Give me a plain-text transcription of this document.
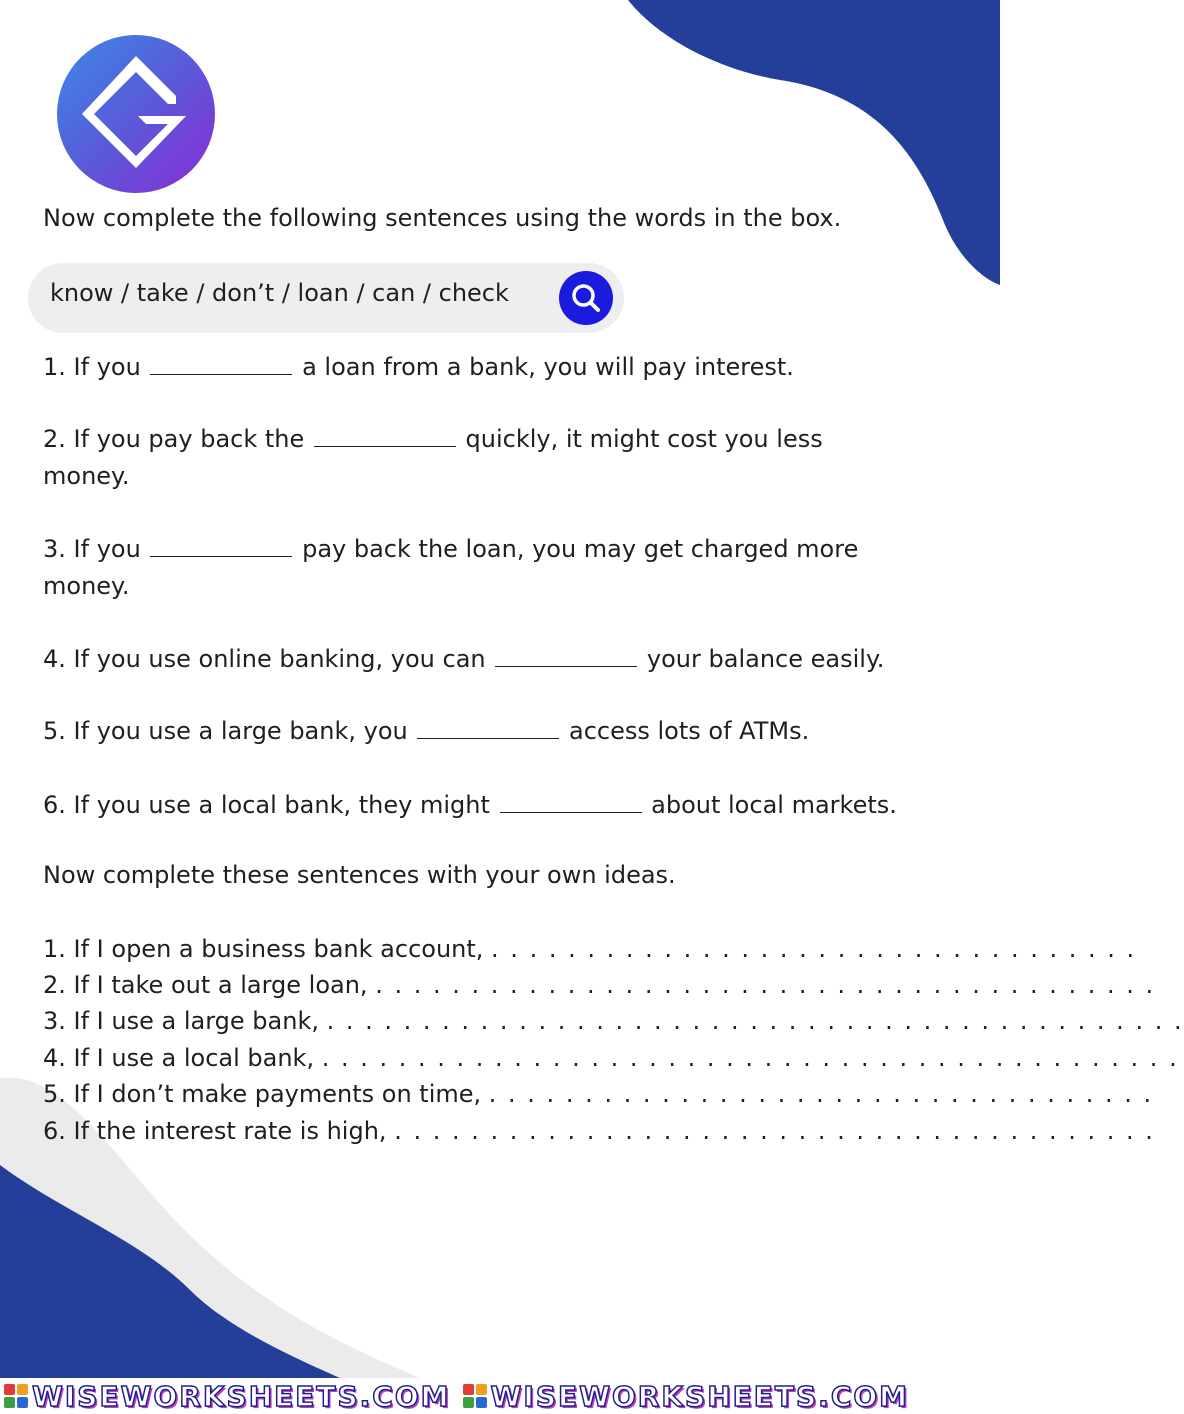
Now complete the following sentences using the words in the box.

know / take / don’t / loan / can / check

1. If you	a loan from a bank, you will pay interest.

2. If you pay back the	quickly, it might cost you less
money.

3. If you	pay back the loan, you may get charged more
money.

4. If you use online banking, you can	your balance easily.

5. If you use a large bank, you	access lots of ATMs.

6. If you use a local bank, they might	about local markets.

Now complete these sentences with your own ideas.

1. If I open a business bank account, . . . . . . . . . . . . . . . . . . . . . . . . . . . . . . . . . .

2. If I take out a large loan, . . . . . . . . . . . . . . . . . . . . . . . . . . . . . . . . . . . . . . . . .

3. If I use a large bank, . . . . . . . . . . . . . . . . . . . . . . . . . . . . . . . . . . . . . . . . . . . . .

4. If I use a local bank, . . . . . . . . . . . . . . . . . . . . . . . . . . . . . . . . . . . . . . . . . . . . .

5. If I don’t make payments on time, . . . . . . . . . . . . . . . . . . . . . . . . . . . . . . . . . . .

6. If the interest rate is high, . . . . . . . . . . . . . . . . . . . . . . . . . . . . . . . . . . . . . . . .

WISEWORKSHEETS.COM WISEWORKSHEETS.COM
